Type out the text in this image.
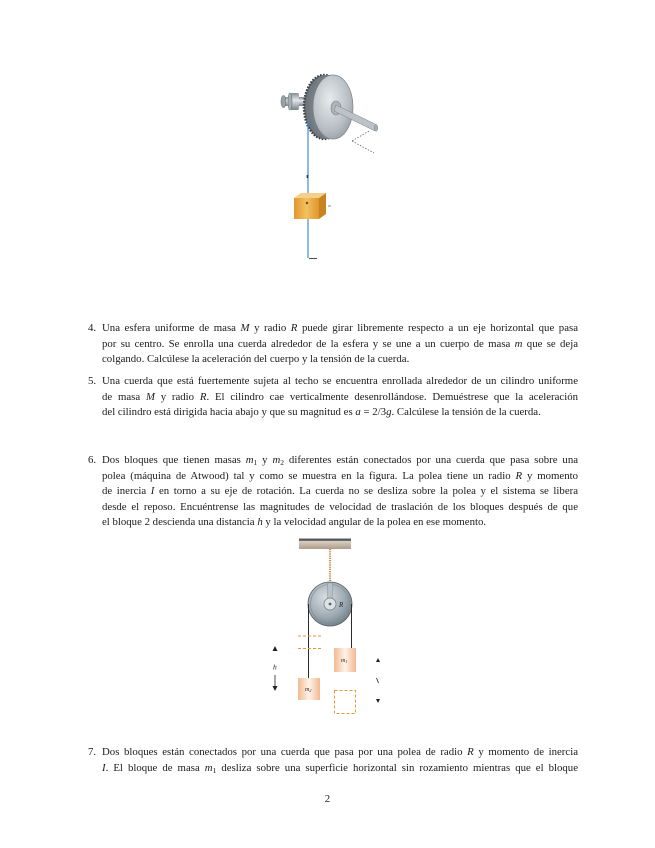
4. Una esfera uniforme de masa M y radio R puede girar libremente respecto a un eje horizontal que pasa
por su centro. Se enrolla una cuerda alrededor de la esfera y se une a un cuerpo de masa m que se deja
colgando. Calcúlese la aceleración del cuerpo y la tensión de la cuerda.
5. Una cuerda que está fuertemente sujeta al techo se encuentra enrollada alrededor de un cilindro uniforme
de masa M y radio R. El cilindro cae verticalmente desenrollándose. Demuéstrese que la aceleración
del cilindro está dirigida hacia abajo y que su magnitud es a = 2/3g. Calcúlese la tensión de la cuerda.
6. Dos bloques que tienen masas $m_1$ y $m_2$ diferentes están conectados por una cuerda que pasa sobre una
polea (máquina de Atwood) tal y como se muestra en la figura. La polea tiene un radio R y momento
de inercia I en torno a su eje de rotación. La cuerda no se desliza sobre la polea y el sistema se libera
desde el reposo. Encuéntrense las magnitudes de velocidad de traslación de los bloques después de que
el bloque 2 descienda una distancia h y la velocidad angular de la polea en ese momento.
R
m1
m2
h
7. Dos bloques están conectados por una cuerda que pasa por una polea de radio R y momento de inercia
I. El bloque de masa $m_1$ desliza sobre una superficie horizontal sin rozamiento mientras que el bloque
2
